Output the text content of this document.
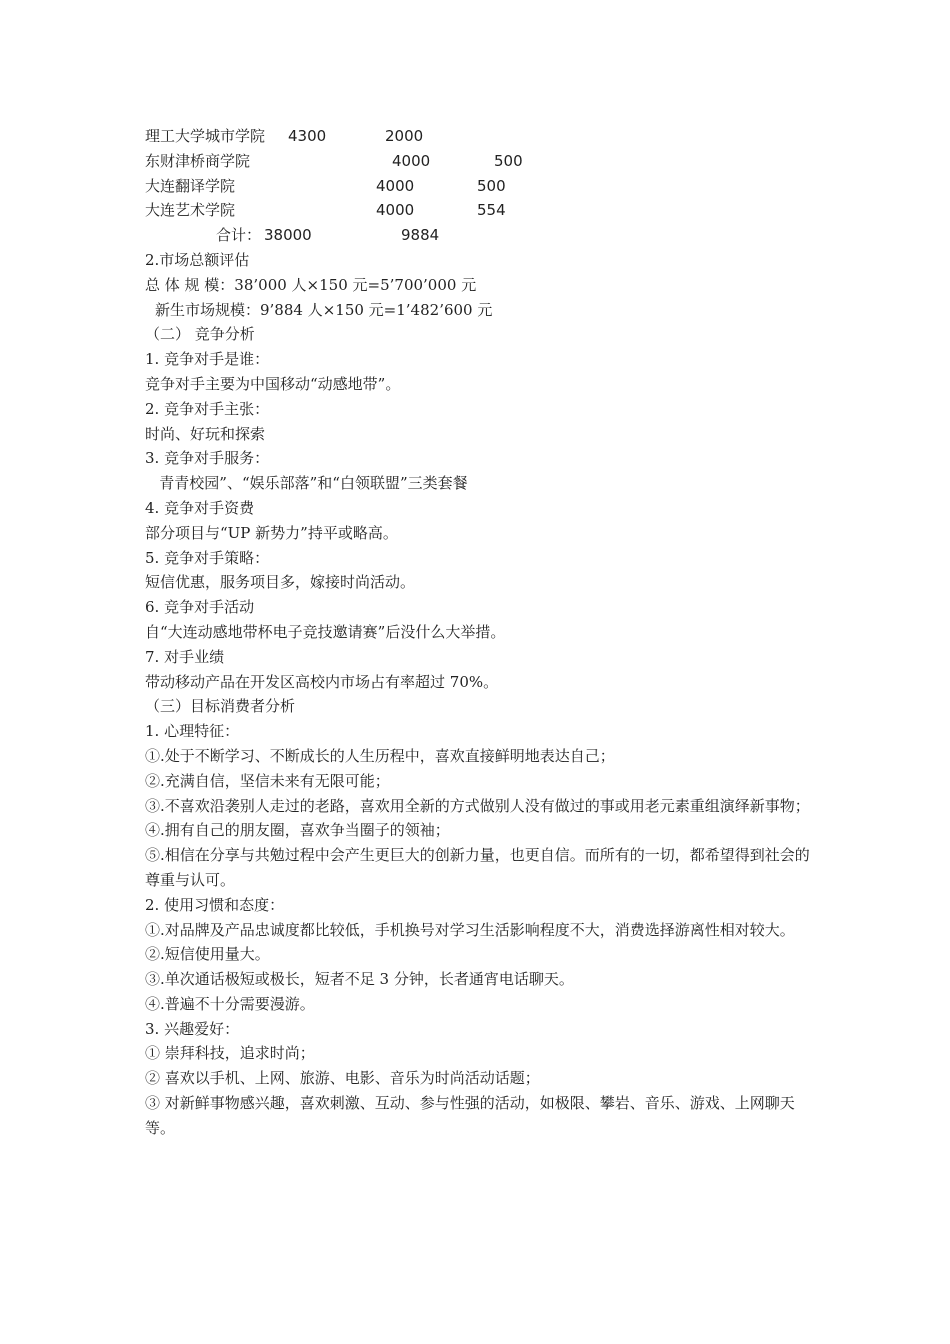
理工大学城市学院 4300	2000
东财津桥商学院	4000	500
大连翻译学院	4000	500
大连艺术学院	4000	554
合计： 38000	9884
2.市场总额评估
总 体 规 模：38’000 人×150 元=5’700’000 元
新生市场规模：9’884 人×150 元=1’482’600 元
（二） 竞争分析
1. 竞争对手是谁：
竞争对手主要为中国移动“动感地带”。
2. 竞争对手主张：
时尚、好玩和探索
3. 竞争对手服务：
青青校园”、“娱乐部落”和“白领联盟”三类套餐
4. 竞争对手资费
部分项目与“UP 新势力”持平或略高。
5. 竞争对手策略：
短信优惠，服务项目多，嫁接时尚活动。
6. 竞争对手活动
自“大连动感地带杯电子竞技邀请赛”后没什么大举措。
7. 对手业绩
带动移动产品在开发区高校内市场占有率超过 70%。
（三）目标消费者分析
1. 心理特征：
①.处于不断学习、不断成长的人生历程中，喜欢直接鲜明地表达自己；
②.充满自信，坚信未来有无限可能；
③.不喜欢沿袭别人走过的老路，喜欢用全新的方式做别人没有做过的事或用老元素重组演绎新事物；
④.拥有自己的朋友圈，喜欢争当圈子的领袖；
⑤.相信在分享与共勉过程中会产生更巨大的创新力量，也更自信。而所有的一切，都希望得到社会的尊重与认可。
2. 使用习惯和态度：
①.对品牌及产品忠诚度都比较低，手机换号对学习生活影响程度不大，消费选择游离性相对较大。
②.短信使用量大。
③.单次通话极短或极长，短者不足 3 分钟，长者通宵电话聊天。
④.普遍不十分需要漫游。
3. 兴趣爱好：
① 崇拜科技，追求时尚；
② 喜欢以手机、上网、旅游、电影、音乐为时尚活动话题；
③ 对新鲜事物感兴趣，喜欢刺激、互动、参与性强的活动，如极限、攀岩、音乐、游戏、上网聊天等。
